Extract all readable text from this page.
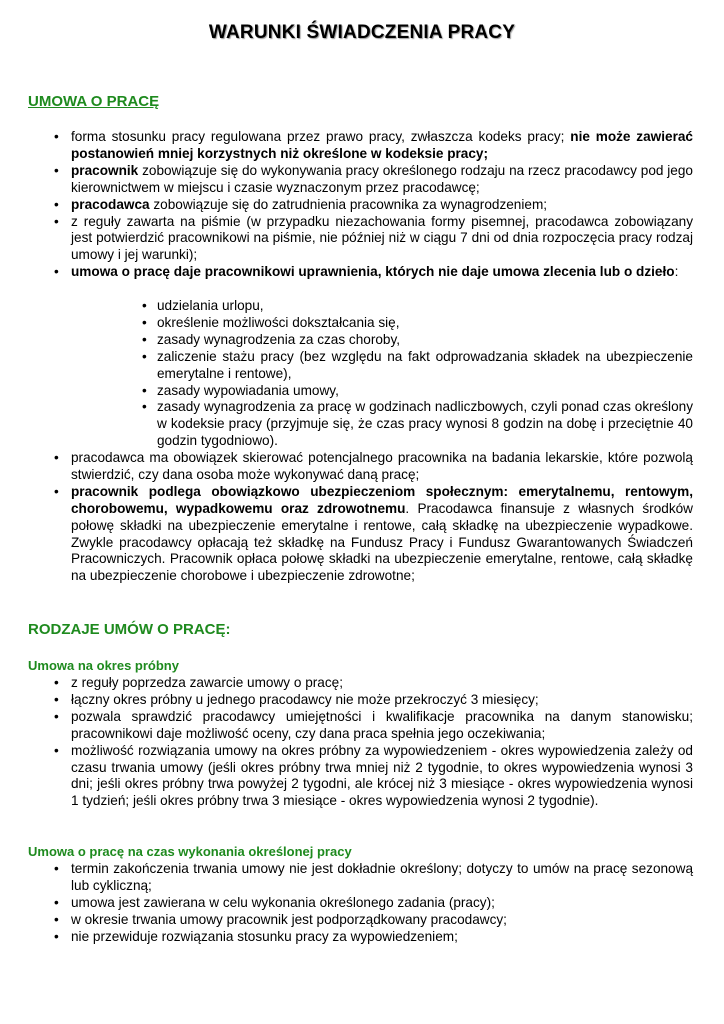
WARUNKI ŚWIADCZENIA PRACY

UMOWA O PRACĘ

• forma stosunku pracy regulowana przez prawo pracy, zwłaszcza kodeks pracy; nie może zawierać postanowień mniej korzystnych niż określone w kodeksie pracy;
• pracownik zobowiązuje się do wykonywania pracy określonego rodzaju na rzecz pracodawcy pod jego kierownictwem w miejscu i czasie wyznaczonym przez pracodawcę;
• pracodawca zobowiązuje się do zatrudnienia pracownika za wynagrodzeniem;
• z reguły zawarta na piśmie (w przypadku niezachowania formy pisemnej, pracodawca zobowiązany jest potwierdzić pracownikowi na piśmie, nie później niż w ciągu 7 dni od dnia rozpoczęcia pracy rodzaj umowy i jej warunki);
• umowa o pracę daje pracownikowi uprawnienia, których nie daje umowa zlecenia lub o dzieło:
• udzielania urlopu,
• określenie możliwości dokształcania się,
• zasady wynagrodzenia za czas choroby,
• zaliczenie stażu pracy (bez względu na fakt odprowadzania składek na ubezpieczenie emerytalne i rentowe),
• zasady wypowiadania umowy,
• zasady wynagrodzenia za pracę w godzinach nadliczbowych, czyli ponad czas określony w kodeksie pracy (przyjmuje się, że czas pracy wynosi 8 godzin na dobę i przeciętnie 40 godzin tygodniowo).
• pracodawca ma obowiązek skierować potencjalnego pracownika na badania lekarskie, które pozwolą stwierdzić, czy dana osoba może wykonywać daną pracę;
• pracownik podlega obowiązkowo ubezpieczeniom społecznym: emerytalnemu, rentowym, chorobowemu, wypadkowemu oraz zdrowotnemu. Pracodawca finansuje z własnych środków połowę składki na ubezpieczenie emerytalne i rentowe, całą składkę na ubezpieczenie wypadkowe. Zwykle pracodawcy opłacają też składkę na Fundusz Pracy i Fundusz Gwarantowanych Świadczeń Pracowniczych. Pracownik opłaca połowę składki na ubezpieczenie emerytalne, rentowe, całą składkę na ubezpieczenie chorobowe i ubezpieczenie zdrowotne;

RODZAJE UMÓW O PRACĘ:

Umowa na okres próbny

• z reguły poprzedza zawarcie umowy o pracę;
• łączny okres próbny u jednego pracodawcy nie może przekroczyć 3 miesięcy;
• pozwala sprawdzić pracodawcy umiejętności i kwalifikacje pracownika na danym stanowisku; pracownikowi daje możliwość oceny, czy dana praca spełnia jego oczekiwania;
• możliwość rozwiązania umowy na okres próbny za wypowiedzeniem - okres wypowiedzenia zależy od czasu trwania umowy (jeśli okres próbny trwa mniej niż 2 tygodnie, to okres wypowiedzenia wynosi 3 dni; jeśli okres próbny trwa powyżej 2 tygodni, ale krócej niż 3 miesiące - okres wypowiedzenia wynosi 1 tydzień; jeśli okres próbny trwa 3 miesiące - okres wypowiedzenia wynosi 2 tygodnie).

Umowa o pracę na czas wykonania określonej pracy

• termin zakończenia trwania umowy nie jest dokładnie określony; dotyczy to umów na pracę sezonową lub cykliczną;
• umowa jest zawierana w celu wykonania określonego zadania (pracy);
• w okresie trwania umowy pracownik jest podporządkowany pracodawcy;
• nie przewiduje rozwiązania stosunku pracy za wypowiedzeniem;
